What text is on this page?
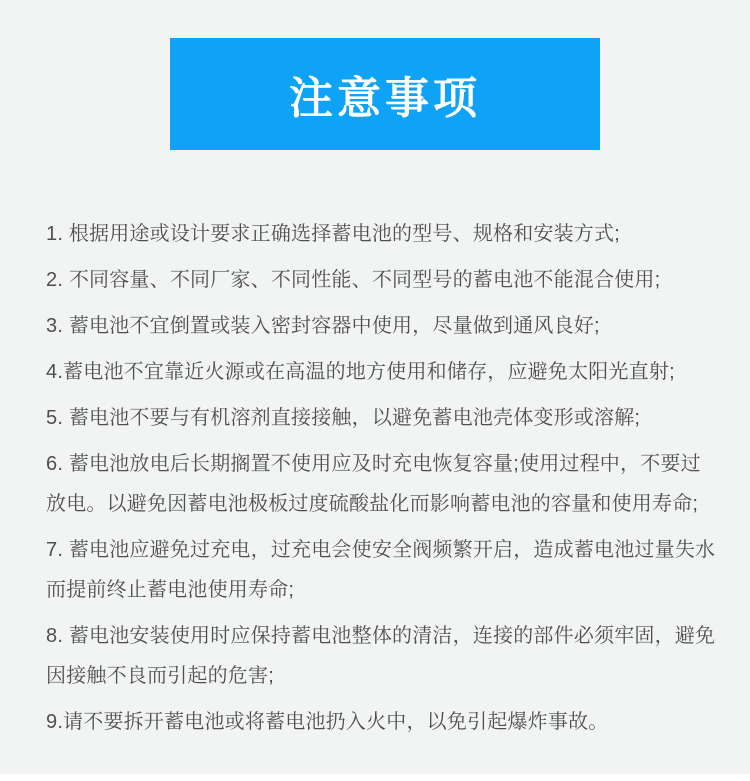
注意事项

1. 根据用途或设计要求正确选择蓄电池的型号、规格和安装方式;

2. 不同容量、不同厂家、不同性能、不同型号的蓄电池不能混合使用;

3. 蓄电池不宜倒置或装入密封容器中使用，尽量做到通风良好;

4.蓄电池不宜靠近火源或在高温的地方使用和储存，应避免太阳光直射;

5. 蓄电池不要与有机溶剂直接接触，以避免蓄电池壳体变形或溶解;

6. 蓄电池放电后长期搁置不使用应及时充电恢复容量;使用过程中，不要过放电。以避免因蓄电池极板过度硫酸盐化而影响蓄电池的容量和使用寿命;

7. 蓄电池应避免过充电，过充电会使安全阀频繁开启，造成蓄电池过量失水而提前终止蓄电池使用寿命;

8. 蓄电池安装使用时应保持蓄电池整体的清洁，连接的部件必须牢固，避免因接触不良而引起的危害;

9.请不要拆开蓄电池或将蓄电池扔入火中，以免引起爆炸事故。
